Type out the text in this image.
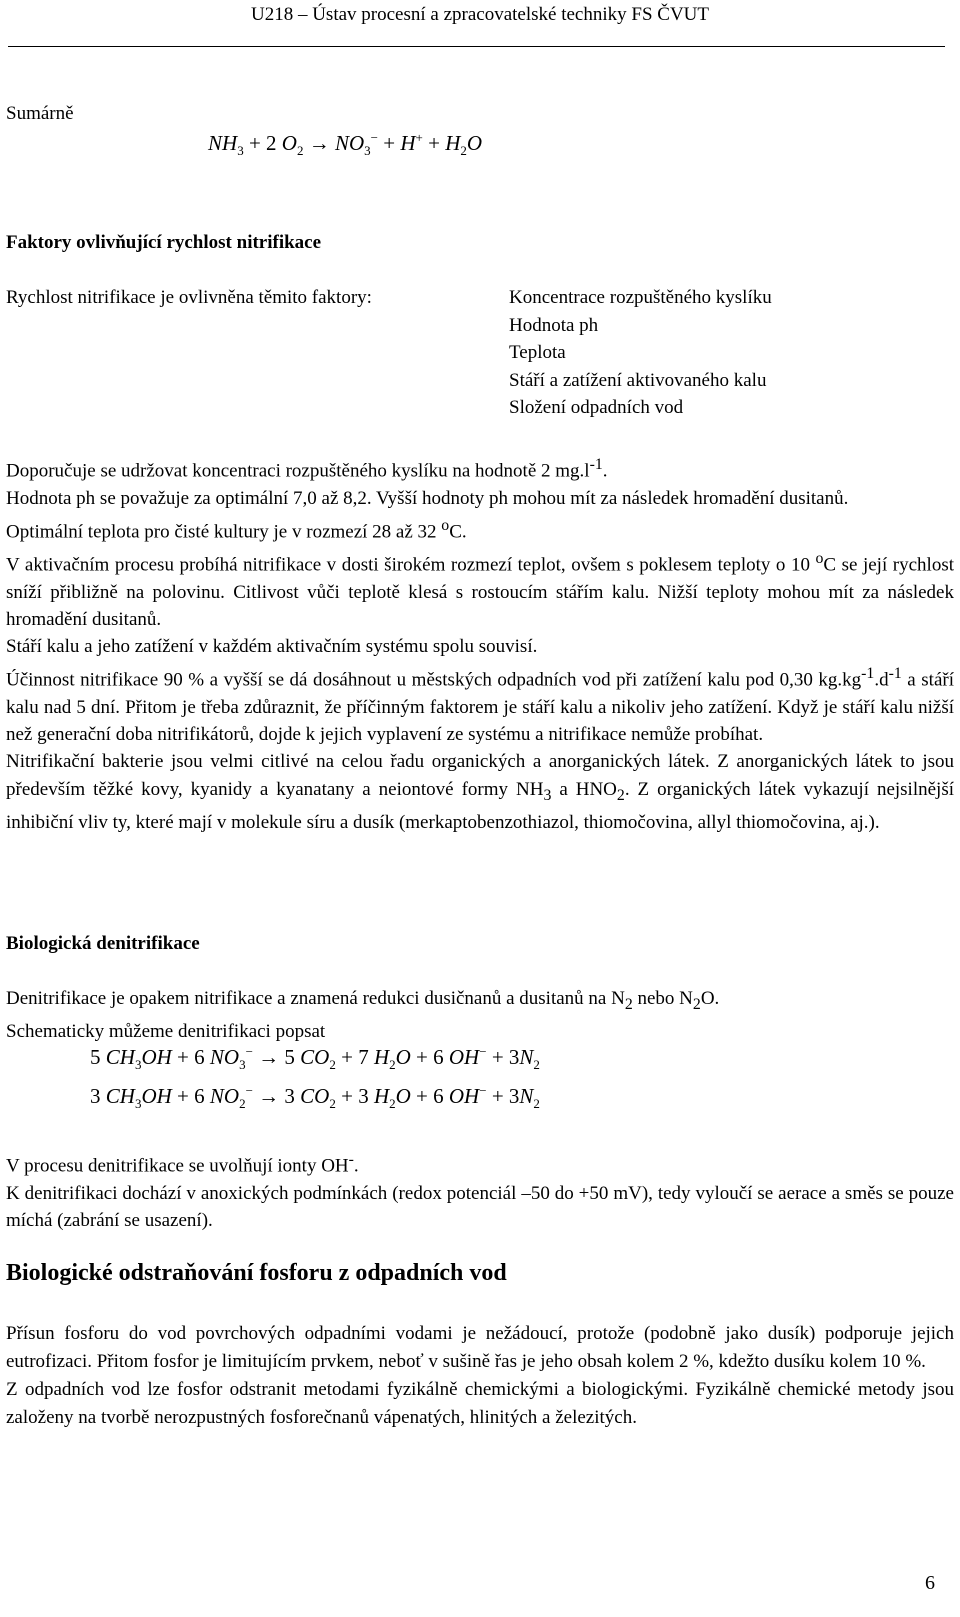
U218 – Ústav procesní a zpracovatelské techniky FS ČVUT
Sumárně
$NH_3 + 2$ $O_2 \to NO_3^- + H^+ + H_2O$
Faktory ovlivňující rychlost nitrifikace
Rychlost nitrifikace je ovlivněna těmito faktory:	Koncentrace rozpuštěného kyslíku
Hodnota ph
Teplota
Stáří a zatížení aktivovaného kalu
Složení odpadních vod
Doporučuje se udržovat koncentraci rozpuštěného kyslíku na hodnotě 2 $mg.l^{-1}$.
Hodnota ph se považuje za optimální 7,0 až 8,2. Vyšší hodnoty ph mohou mít za následek hromadění dusitanů.
Optimální teplota pro čisté kultury je v rozmezí 28 až 32 $^o$C.
V aktivačním procesu probíhá nitrifikace v dosti širokém rozmezí teplot, ovšem s poklesem teploty o 10 $^o$C se její rychlost sníží přibližně na polovinu. Citlivost vůči teplotě klesá s rostoucím stářím kalu. Nižší teploty mohou mít za následek hromadění dusitanů.
Stáří kalu a jeho zatížení v každém aktivačním systému spolu souvisí.
Účinnost nitrifikace 90 % a vyšší se dá dosáhnout u městských odpadních vod při zatížení kalu pod 0,30 $kg.kg^{-1}.d^{-1}$ a stáří kalu nad 5 dní. Přitom je třeba zdůraznit, že příčinným faktorem je stáří kalu a nikoliv jeho zatížení. Když je stáří kalu nižší než generační doba nitrifikátorů, dojde k jejich vyplavení ze systému a nitrifikace nemůže probíhat.
Nitrifikační bakterie jsou velmi citlivé na celou řadu organických a anorganických látek. Z anorganických látek to jsou především těžké kovy, kyanidy a kyanatany a neiontové formy $NH_3$ a $HNO_2$. Z organických látek vykazují nejsilnější inhibiční vliv ty, které mají v molekule síru a dusík (merkaptobenzothiazol, thiomočovina, allyl thiomočovina, aj.).
Biologická denitrifikace
Denitrifikace je opakem nitrifikace a znamená redukci dusičnanů a dusitanů na $N_2$ nebo $N_2O$.
Schematicky můžeme denitrifikaci popsat
5 $CH_3OH + 6$ $NO_3^- \to 5$ $CO_2 + 7$ $H_2O + 6$ $OH^- + 3N_2$
3 $CH_3OH + 6$ $NO_2^- \to 3$ $CO_2 + 3$ $H_2O + 6$ $OH^- + 3N_2$
V procesu denitrifikace se uvolňují ionty OH-.
K denitrifikaci dochází v anoxických podmínkách (redox potenciál –50 do +50 mV), tedy vyloučí se aerace a směs se pouze míchá (zabrání se usazení).
Biologické odstraňování fosforu z odpadních vod
Přísun fosforu do vod povrchových odpadními vodami je nežádoucí, protože (podobně jako dusík) podporuje jejich eutrofizaci. Přitom fosfor je limitujícím prvkem, neboť v sušině řas je jeho obsah kolem 2 %, kdežto dusíku kolem 10 %.
Z odpadních vod lze fosfor odstranit metodami fyzikálně chemickými a biologickými. Fyzikálně chemické metody jsou založeny na tvorbě nerozpustných fosforečnanů vápenatých, hlinitých a železitých.
6
